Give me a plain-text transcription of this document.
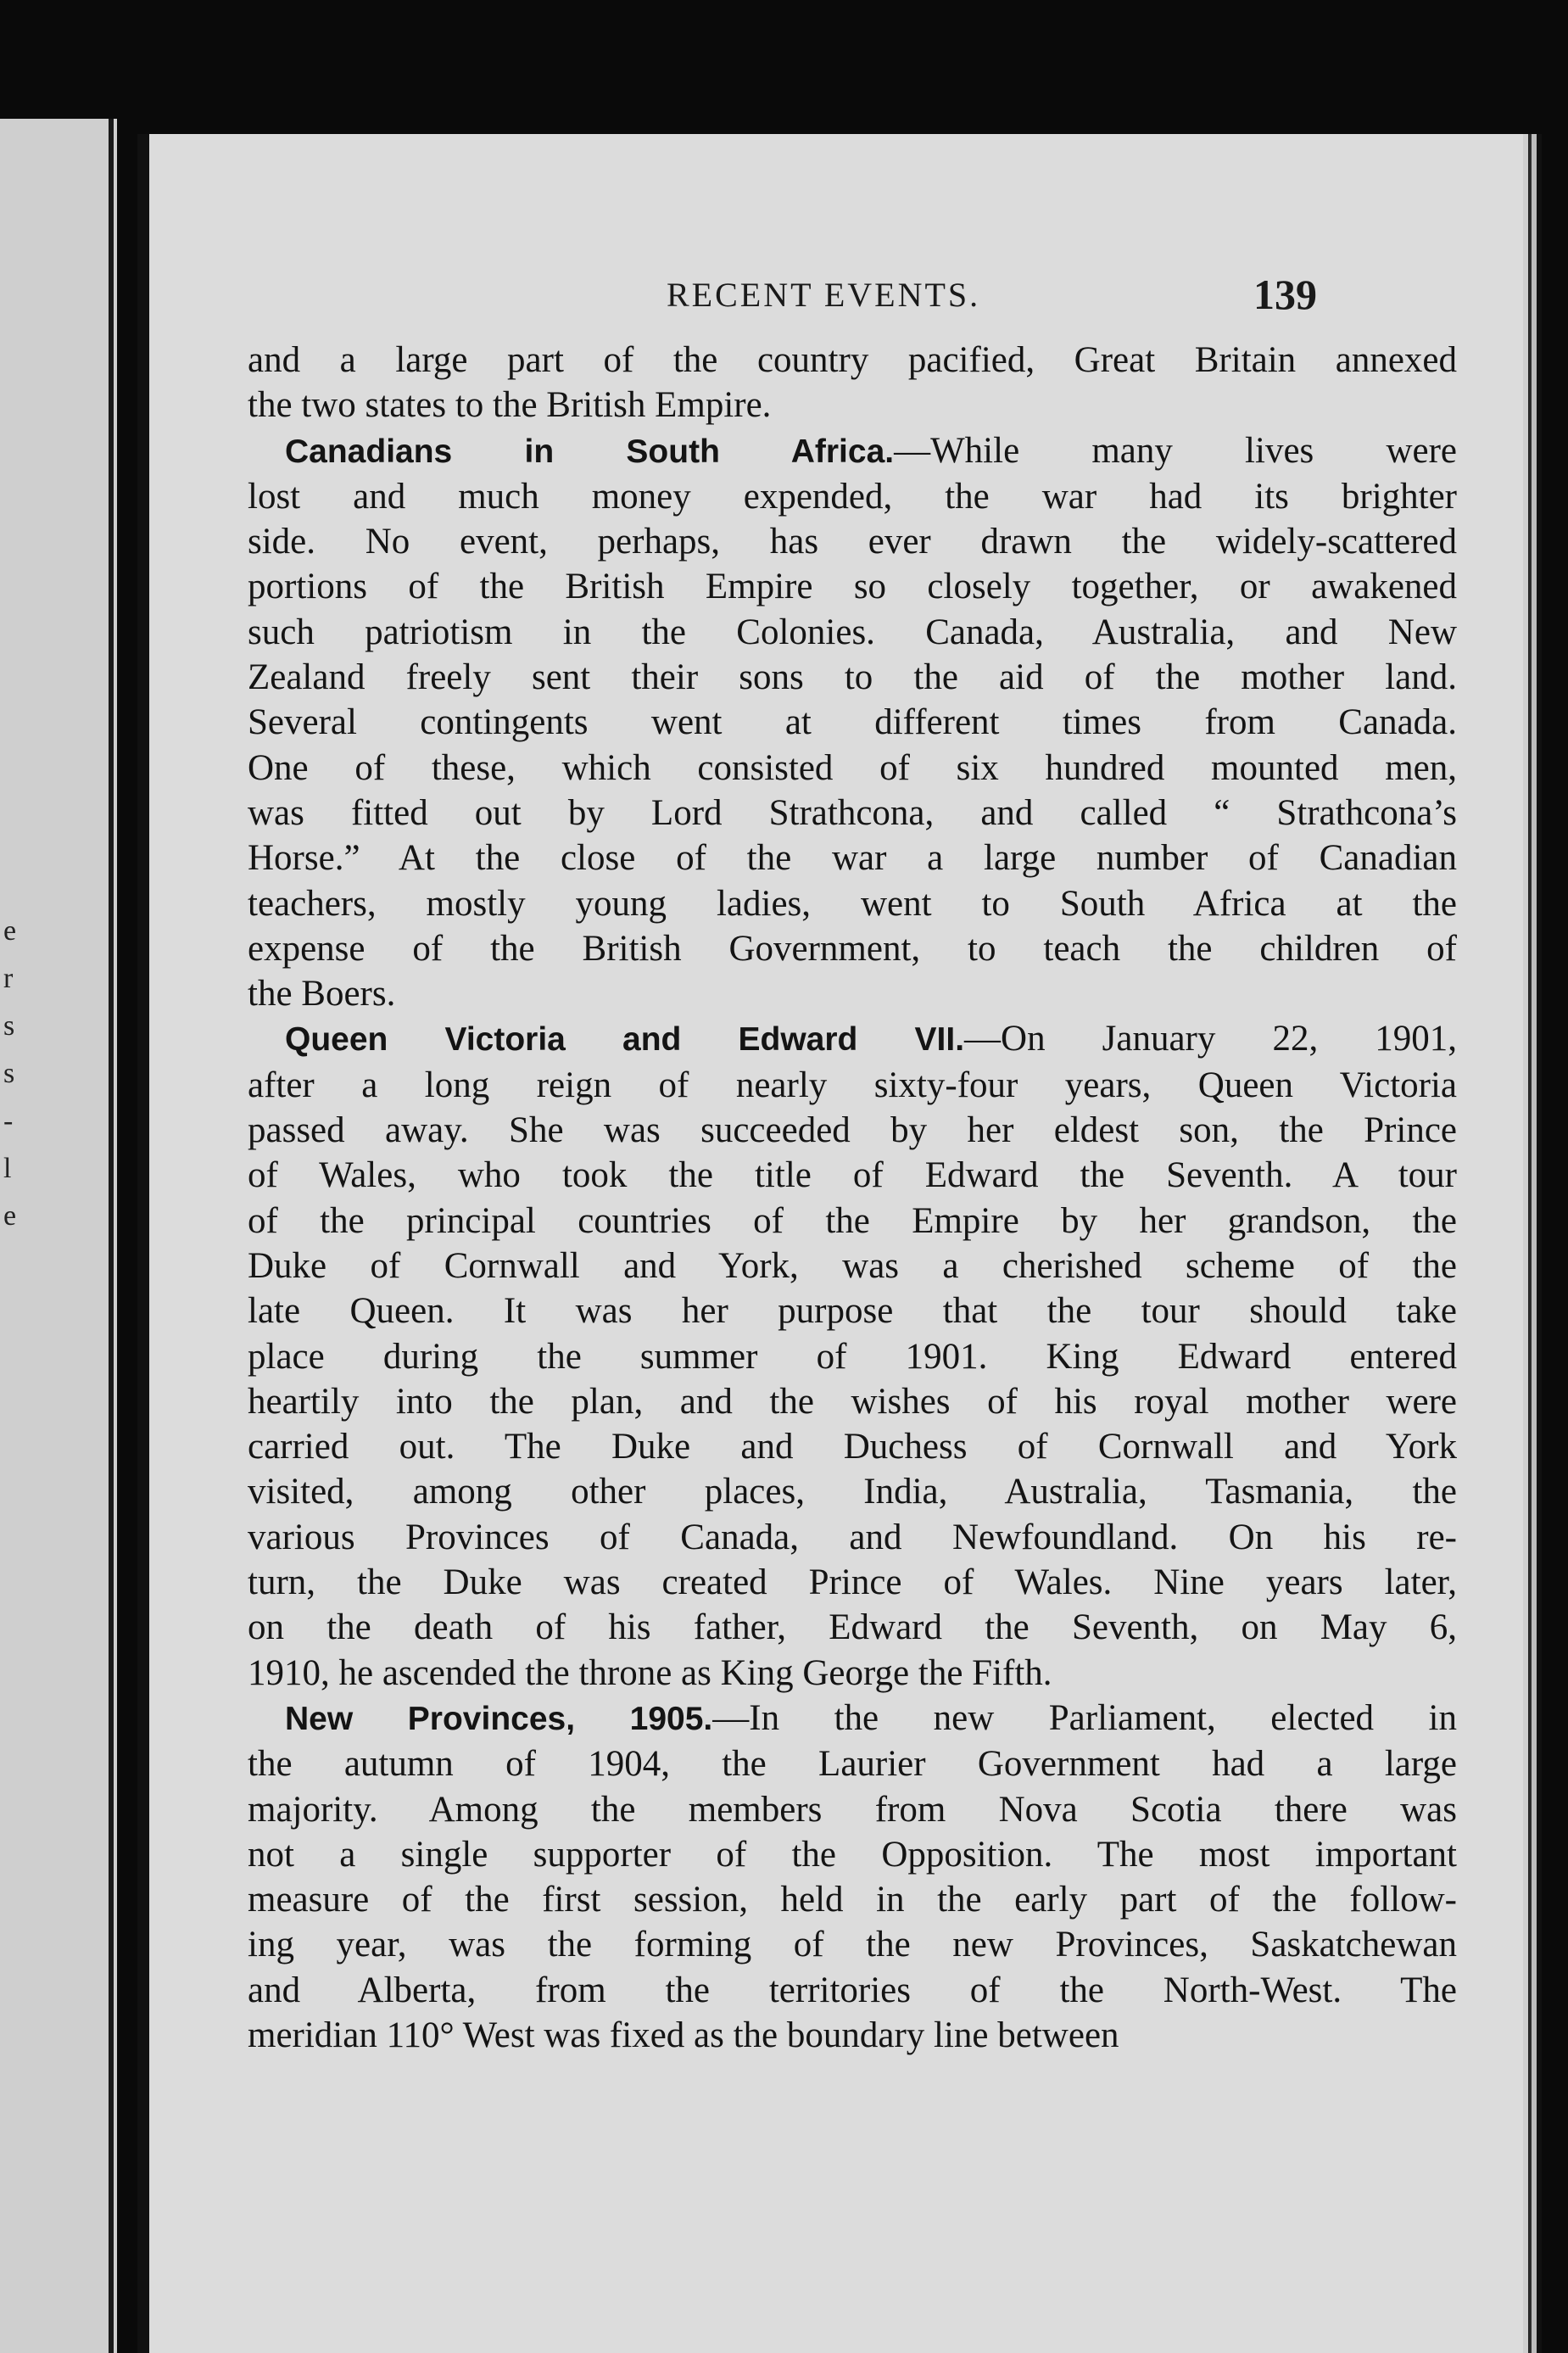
e
r
s
s
-
l
e
RECENT EVENTS.	139
and a large part of the country pacified, Great Britain annexed
the two states to the British Empire.
Canadians in South Africa.—While many lives were
lost and much money expended, the war had its brighter
side. No event, perhaps, has ever drawn the widely-scattered
portions of the British Empire so closely together, or awakened
such patriotism in the Colonies. Canada, Australia, and New
Zealand freely sent their sons to the aid of the mother land.
Several contingents went at different times from Canada.
One of these, which consisted of six hundred mounted men,
was fitted out by Lord Strathcona, and called “ Strathcona’s
Horse.” At the close of the war a large number of Canadian
teachers, mostly young ladies, went to South Africa at the
expense of the British Government, to teach the children of
the Boers.
Queen Victoria and Edward VII.—On January 22, 1901,
after a long reign of nearly sixty-four years, Queen Victoria
passed away. She was succeeded by her eldest son, the Prince
of Wales, who took the title of Edward the Seventh. A tour
of the principal countries of the Empire by her grandson, the
Duke of Cornwall and York, was a cherished scheme of the
late Queen. It was her purpose that the tour should take
place during the summer of 1901. King Edward entered
heartily into the plan, and the wishes of his royal mother were
carried out. The Duke and Duchess of Cornwall and York
visited, among other places, India, Australia, Tasmania, the
various Provinces of Canada, and Newfoundland. On his re-
turn, the Duke was created Prince of Wales. Nine years later,
on the death of his father, Edward the Seventh, on May 6,
1910, he ascended the throne as King George the Fifth.
New Provinces, 1905.—In the new Parliament, elected in
the autumn of 1904, the Laurier Government had a large
majority. Among the members from Nova Scotia there was
not a single supporter of the Opposition. The most important
measure of the first session, held in the early part of the follow-
ing year, was the forming of the new Provinces, Saskatchewan
and Alberta, from the territories of the North-West. The
meridian 110° West was fixed as the boundary line between
